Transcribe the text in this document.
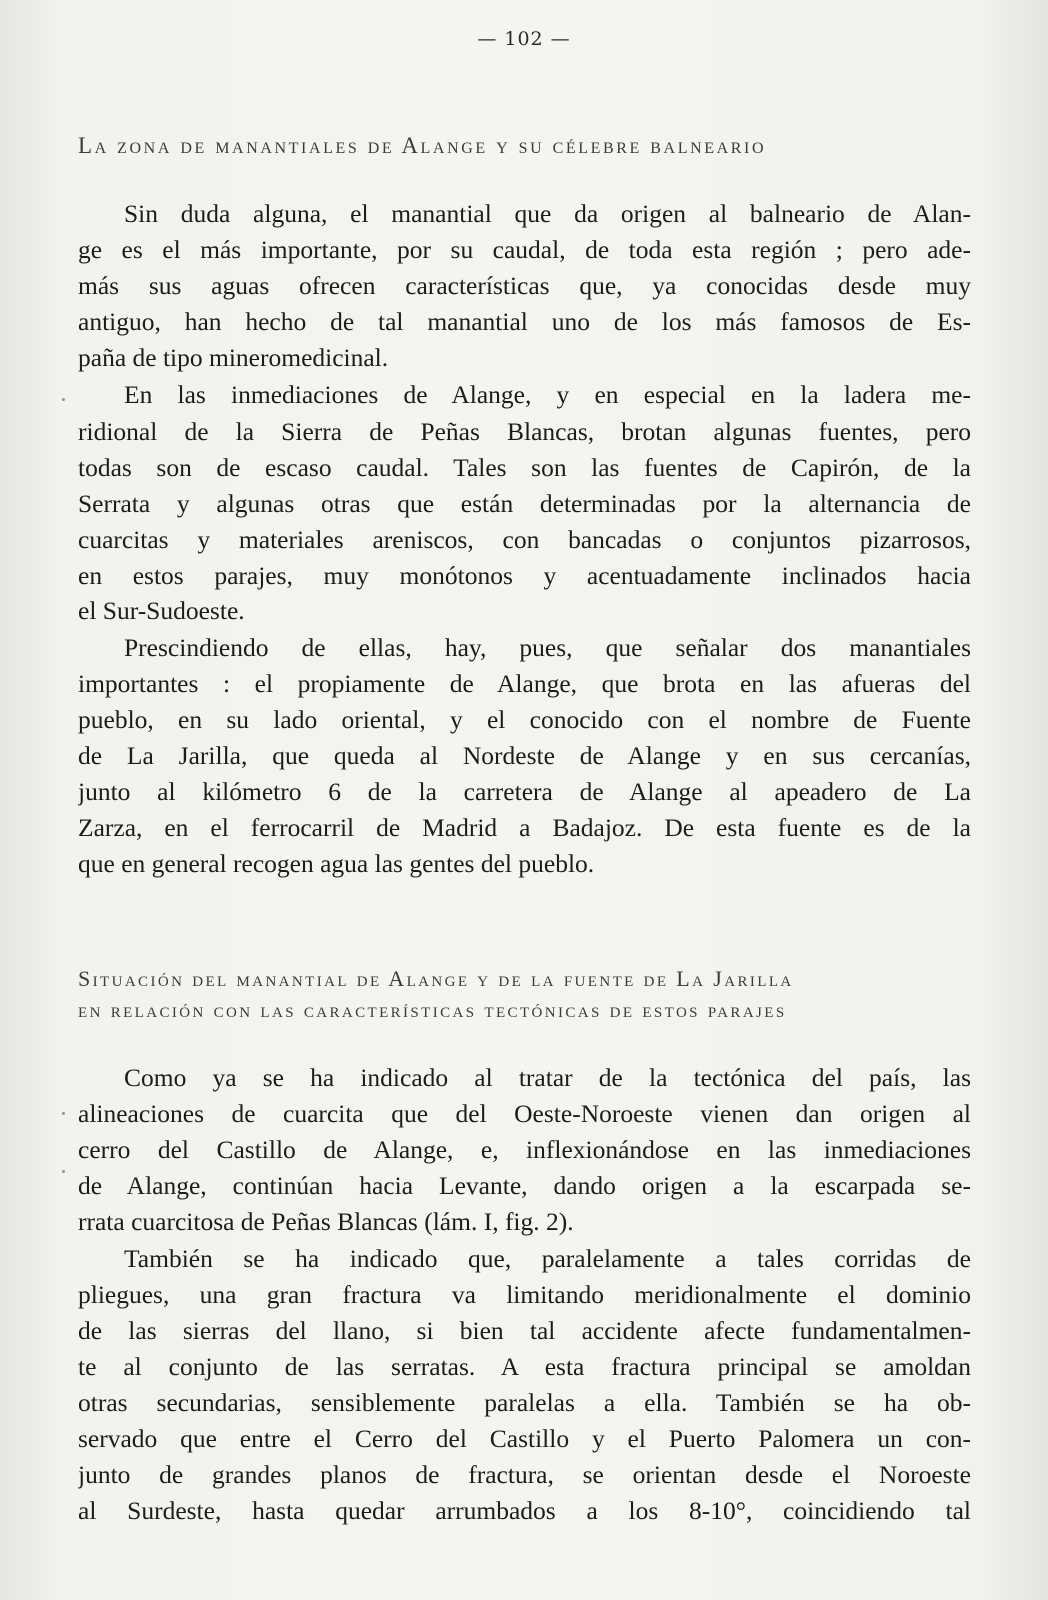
— 102 —
La zona de manantiales de Alange y su célebre balneario
Sin duda alguna, el manantial que da origen al balneario de Alan-
ge es el más importante, por su caudal, de toda esta región ; pero ade-
más sus aguas ofrecen características que, ya conocidas desde muy
antiguo, han hecho de tal manantial uno de los más famosos de Es-
paña de tipo mineromedicinal.
En las inmediaciones de Alange, y en especial en la ladera me-
ridional de la Sierra de Peñas Blancas, brotan algunas fuentes, pero
todas son de escaso caudal. Tales son las fuentes de Capirón, de la
Serrata y algunas otras que están determinadas por la alternancia de
cuarcitas y materiales areniscos, con bancadas o conjuntos pizarrosos,
en estos parajes, muy monótonos y acentuadamente inclinados hacia
el Sur-Sudoeste.
Prescindiendo de ellas, hay, pues, que señalar dos manantiales
importantes : el propiamente de Alange, que brota en las afueras del
pueblo, en su lado oriental, y el conocido con el nombre de Fuente
de La Jarilla, que queda al Nordeste de Alange y en sus cercanías,
junto al kilómetro 6 de la carretera de Alange al apeadero de La
Zarza, en el ferrocarril de Madrid a Badajoz. De esta fuente es de la
que en general recogen agua las gentes del pueblo.
Situación del manantial de Alange y de la fuente de La Jarilla
en relación con las características tectónicas de estos parajes
Como ya se ha indicado al tratar de la tectónica del país, las
alineaciones de cuarcita que del Oeste-Noroeste vienen dan origen al
cerro del Castillo de Alange, e, inflexionándose en las inmediaciones
de Alange, continúan hacia Levante, dando origen a la escarpada se-
rrata cuarcitosa de Peñas Blancas (lám. I, fig. 2).
También se ha indicado que, paralelamente a tales corridas de
pliegues, una gran fractura va limitando meridionalmente el dominio
de las sierras del llano, si bien tal accidente afecte fundamentalmen-
te al conjunto de las serratas. A esta fractura principal se amoldan
otras secundarias, sensiblemente paralelas a ella. También se ha ob-
servado que entre el Cerro del Castillo y el Puerto Palomera un con-
junto de grandes planos de fractura, se orientan desde el Noroeste
al Surdeste, hasta quedar arrumbados a los 8-10°, coincidiendo tal
